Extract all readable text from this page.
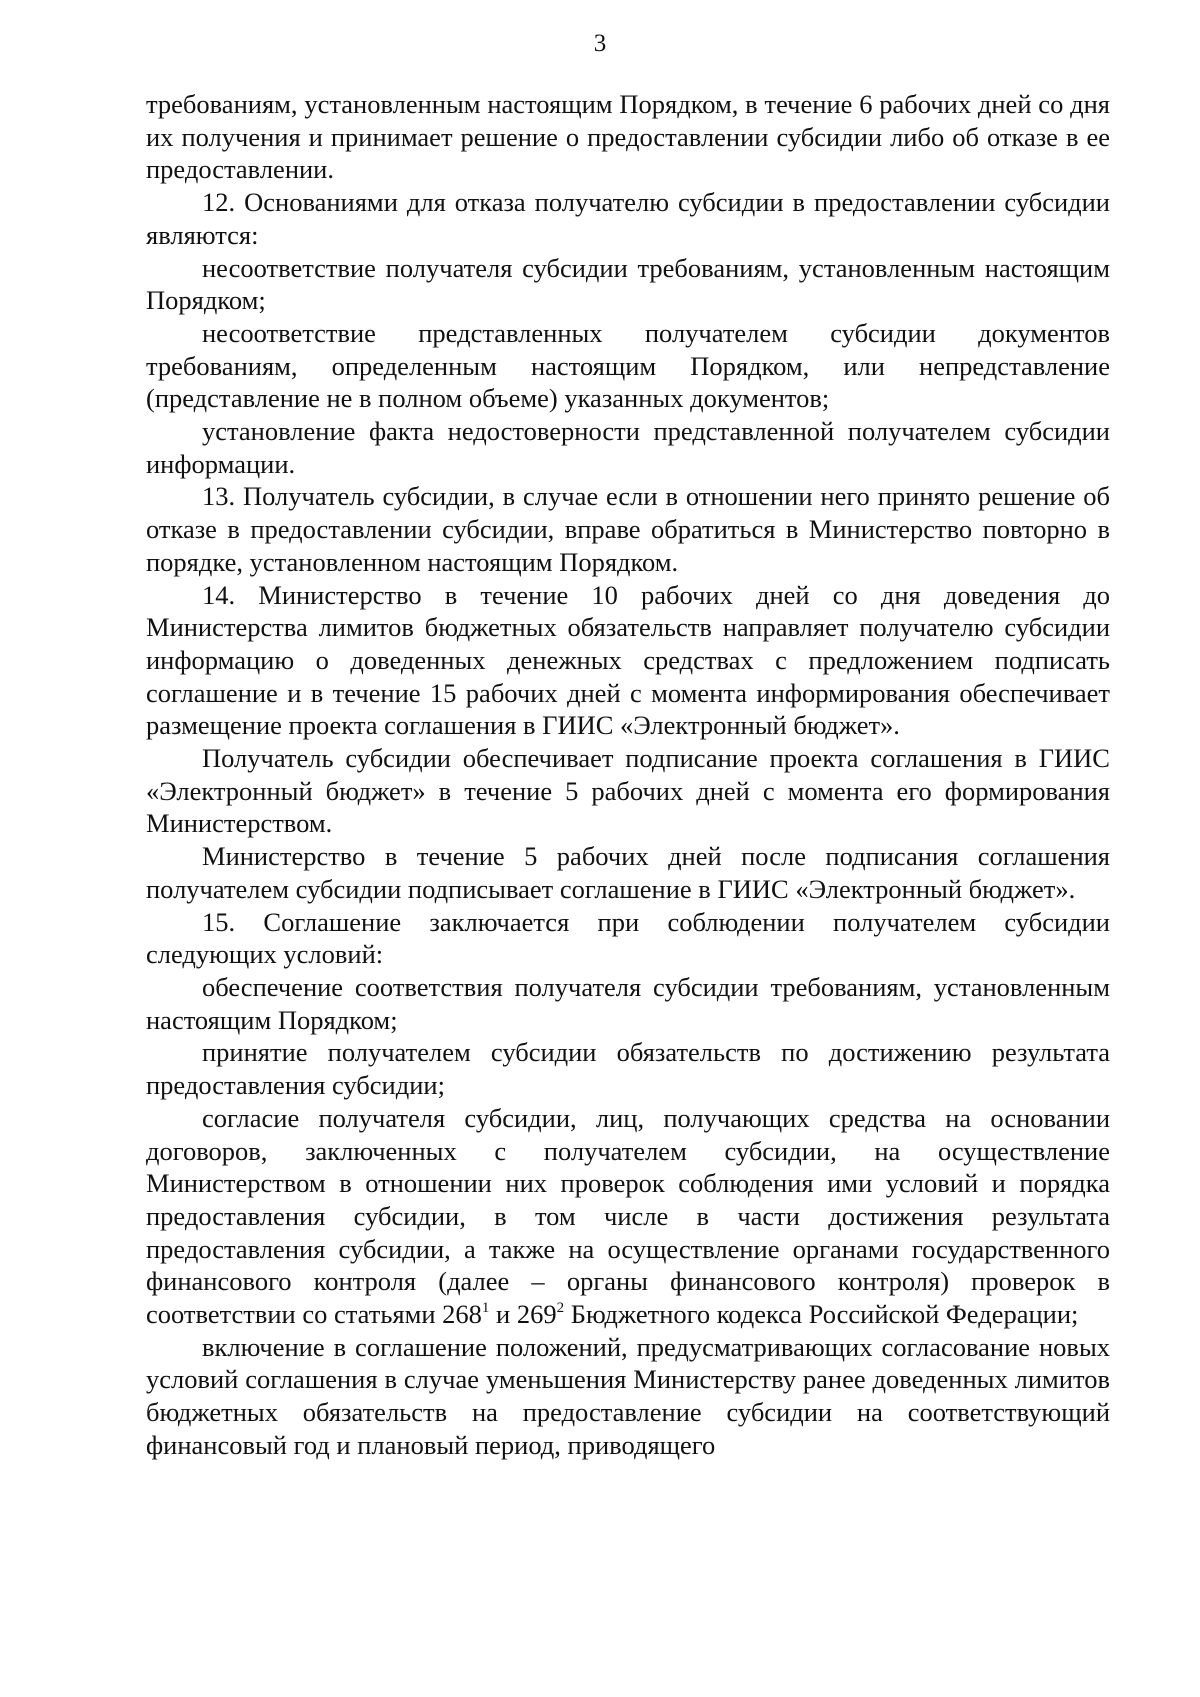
3

требованиям, установленным настоящим Порядком, в течение 6 рабочих дней со дня их получения и принимает решение о предоставлении субсидии либо об отказе в ее предоставлении.

12. Основаниями для отказа получателю субсидии в предоставлении субсидии являются:

несоответствие получателя субсидии требованиям, установленным настоящим Порядком;

несоответствие представленных получателем субсидии документов требованиям, определенным настоящим Порядком, или непредставление (представление не в полном объеме) указанных документов;

установление факта недостоверности представленной получателем субсидии информации.

13. Получатель субсидии, в случае если в отношении него принято решение об отказе в предоставлении субсидии, вправе обратиться в Министерство повторно в порядке, установленном настоящим Порядком.

14. Министерство в течение 10 рабочих дней со дня доведения до Министерства лимитов бюджетных обязательств направляет получателю субсидии информацию о доведенных денежных средствах с предложением подписать соглашение и в течение 15 рабочих дней с момента информирования обеспечивает размещение проекта соглашения в ГИИС «Электронный бюджет».

Получатель субсидии обеспечивает подписание проекта соглашения в ГИИС «Электронный бюджет» в течение 5 рабочих дней с момента его формирования Министерством.

Министерство в течение 5 рабочих дней после подписания соглашения получателем субсидии подписывает соглашение в ГИИС «Электронный бюджет».

15. Соглашение заключается при соблюдении получателем субсидии следующих условий:

обеспечение соответствия получателя субсидии требованиям, установленным настоящим Порядком;

принятие получателем субсидии обязательств по достижению результата предоставления субсидии;

согласие получателя субсидии, лиц, получающих средства на основании договоров, заключенных с получателем субсидии, на осуществление Министерством в отношении них проверок соблюдения ими условий и порядка предоставления субсидии, в том числе в части достижения результата предоставления субсидии, а также на осуществление органами государственного финансового контроля (далее – органы финансового контроля) проверок в соответствии со статьями $268^1$ и $269^2$ Бюджетного кодекса Российской Федерации;

включение в соглашение положений, предусматривающих согласование новых условий соглашения в случае уменьшения Министерству ранее доведенных лимитов бюджетных обязательств на предоставление субсидии на соответствующий финансовый год и плановый период, приводящего
